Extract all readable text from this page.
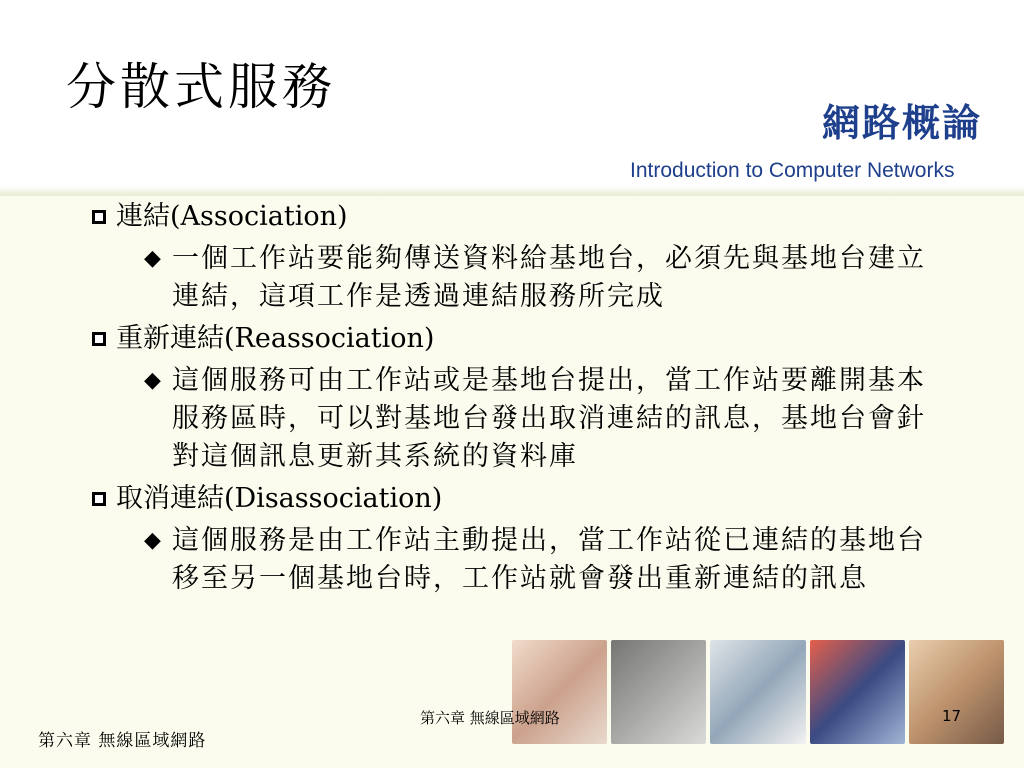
分散式服務
網路概論
Introduction to Computer Networks
連結(Association)
◆ 一個工作站要能夠傳送資料給基地台，必須先與基地台建立連結，這項工作是透過連結服務所完成
重新連結(Reassociation)
◆ 這個服務可由工作站或是基地台提出，當工作站要離開基本服務區時，可以對基地台發出取消連結的訊息，基地台會針對這個訊息更新其系統的資料庫
取消連結(Disassociation)
◆ 這個服務是由工作站主動提出，當工作站從已連結的基地台移至另一個基地台時，工作站就會發出重新連結的訊息
第六章 無線區域網路
第六章 無線區域網路	17
